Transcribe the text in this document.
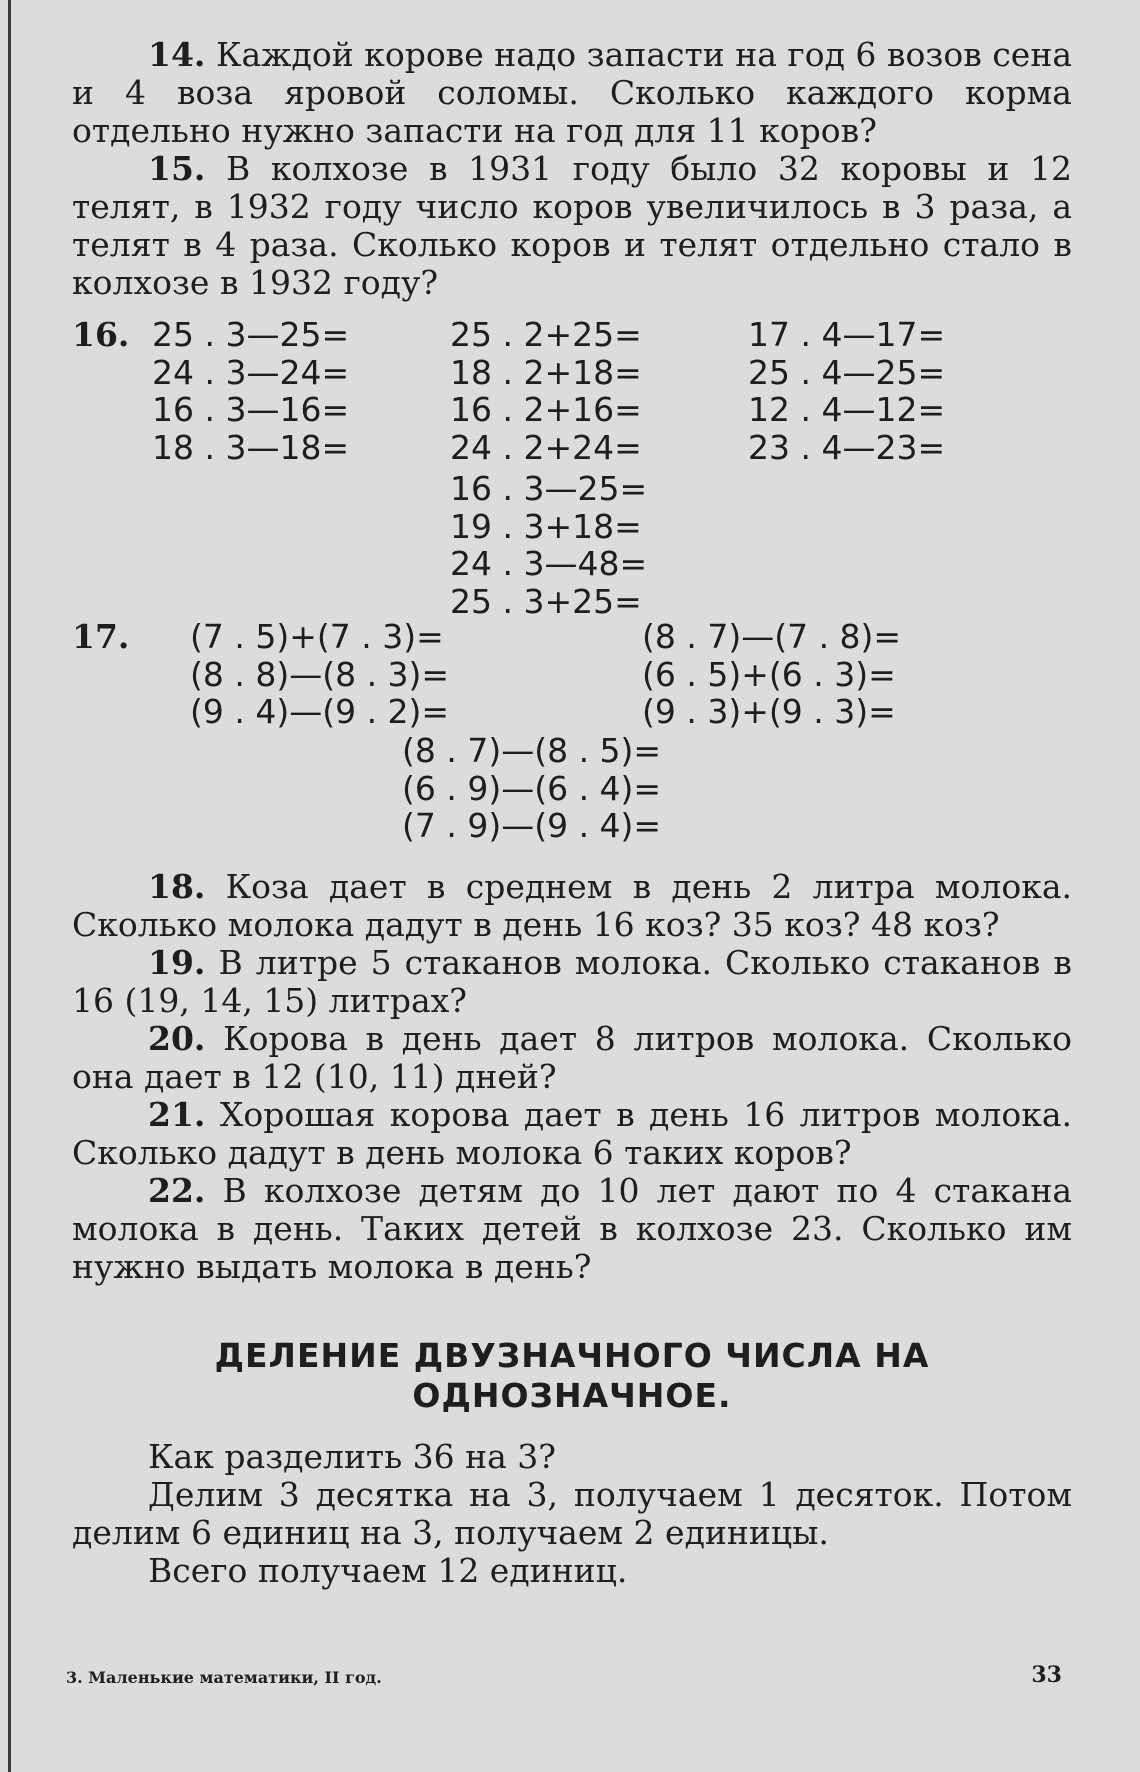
14. Каждой корове надо запасти на год 6 возов сена и 4 воза яровой соломы. Сколько каждого корма отдельно нужно запасти на год для 11 коров?

15. В колхозе в 1931 году было 32 коровы и 12 телят, в 1932 году число коров увеличилось в 3 раза, а телят в 4 раза. Сколько коров и телят отдельно стало в колхозе в 1932 году?

16. 25 . 3—25=
24 . 3—24=
16 . 3—16=
18 . 3—18=
25 . 2+25=
18 . 2+18=
16 . 2+16=
24 . 2+24=
17 . 4—17=
25 . 4—25=
12 . 4—12=
23 . 4—23=
16 . 3—25=
19 . 3+18=
24 . 3—48=
25 . 3+25=
17. (7 . 5)+(7 . 3)=
(8 . 8)—(8 . 3)=
(9 . 4)—(9 . 2)=
(8 . 7)—(7 . 8)=
(6 . 5)+(6 . 3)=
(9 . 3)+(9 . 3)=
(8 . 7)—(8 . 5)=
(6 . 9)—(6 . 4)=
(7 . 9)—(9 . 4)=

18. Коза дает в среднем в день 2 литра молока. Сколько молока дадут в день 16 коз? 35 коз? 48 коз?

19. В литре 5 стаканов молока. Сколько стаканов в 16 (19, 14, 15) литрах?

20. Корова в день дает 8 литров молока. Сколько она дает в 12 (10, 11) дней?

21. Хорошая корова дает в день 16 литров молока. Сколько дадут в день молока 6 таких коров?

22. В колхозе детям до 10 лет дают по 4 стакана молока в день. Таких детей в колхозе 23. Сколько им нужно выдать молока в день?

ДЕЛЕНИЕ ДВУЗНАЧНОГО ЧИСЛА НА ОДНОЗНАЧНОЕ.

Как разделить 36 на 3?

Делим 3 десятка на 3, получаем 1 десяток. Потом делим 6 единиц на 3, получаем 2 единицы.

Всего получаем 12 единиц.

3. Маленькие математики, II год.	33
